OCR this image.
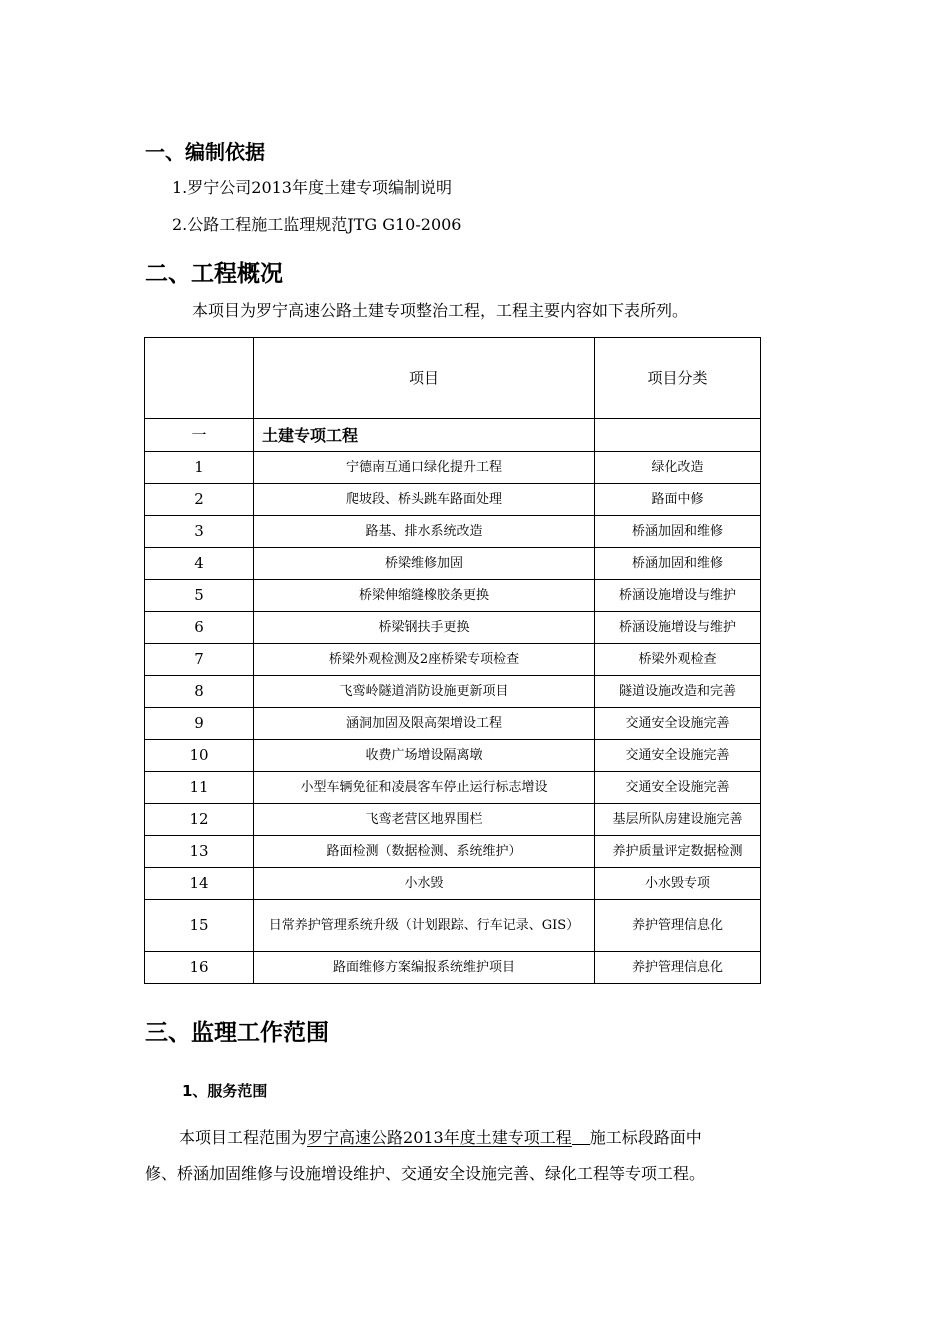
一、编制依据
1.罗宁公司2013年度土建专项编制说明
2.公路工程施工监理规范JTG G10-2006
二、工程概况
本项目为罗宁高速公路土建专项整治工程，工程主要内容如下表所列。
	项目	项目分类
一	土建专项工程	
1	宁德南互通口绿化提升工程	绿化改造
2	爬坡段、桥头跳车路面处理	路面中修
3	路基、排水系统改造	桥涵加固和维修
4	桥梁维修加固	桥涵加固和维修
5	桥梁伸缩缝橡胶条更换	桥涵设施增设与维护
6	桥梁钢扶手更换	桥涵设施增设与维护
7	桥梁外观检测及2座桥梁专项检查	桥梁外观检查
8	飞鸾岭隧道消防设施更新项目	隧道设施改造和完善
9	涵洞加固及限高架增设工程	交通安全设施完善
10	收费广场增设隔离墩	交通安全设施完善
11	小型车辆免征和凌晨客车停止运行标志增设	交通安全设施完善
12	飞鸾老营区地界围栏	基层所队房建设施完善
13	路面检测（数据检测、系统维护）	养护质量评定数据检测
14	小水毁	小水毁专项
15	日常养护管理系统升级（计划跟踪、行车记录、GIS）	养护管理信息化
16	路面维修方案编报系统维护项目	养护管理信息化
三、监理工作范围
1、服务范围
本项目工程范围为罗宁高速公路2013年度土建专项工程 施工标段路面中
修、桥涵加固维修与设施增设维护、交通安全设施完善、绿化工程等专项工程。
